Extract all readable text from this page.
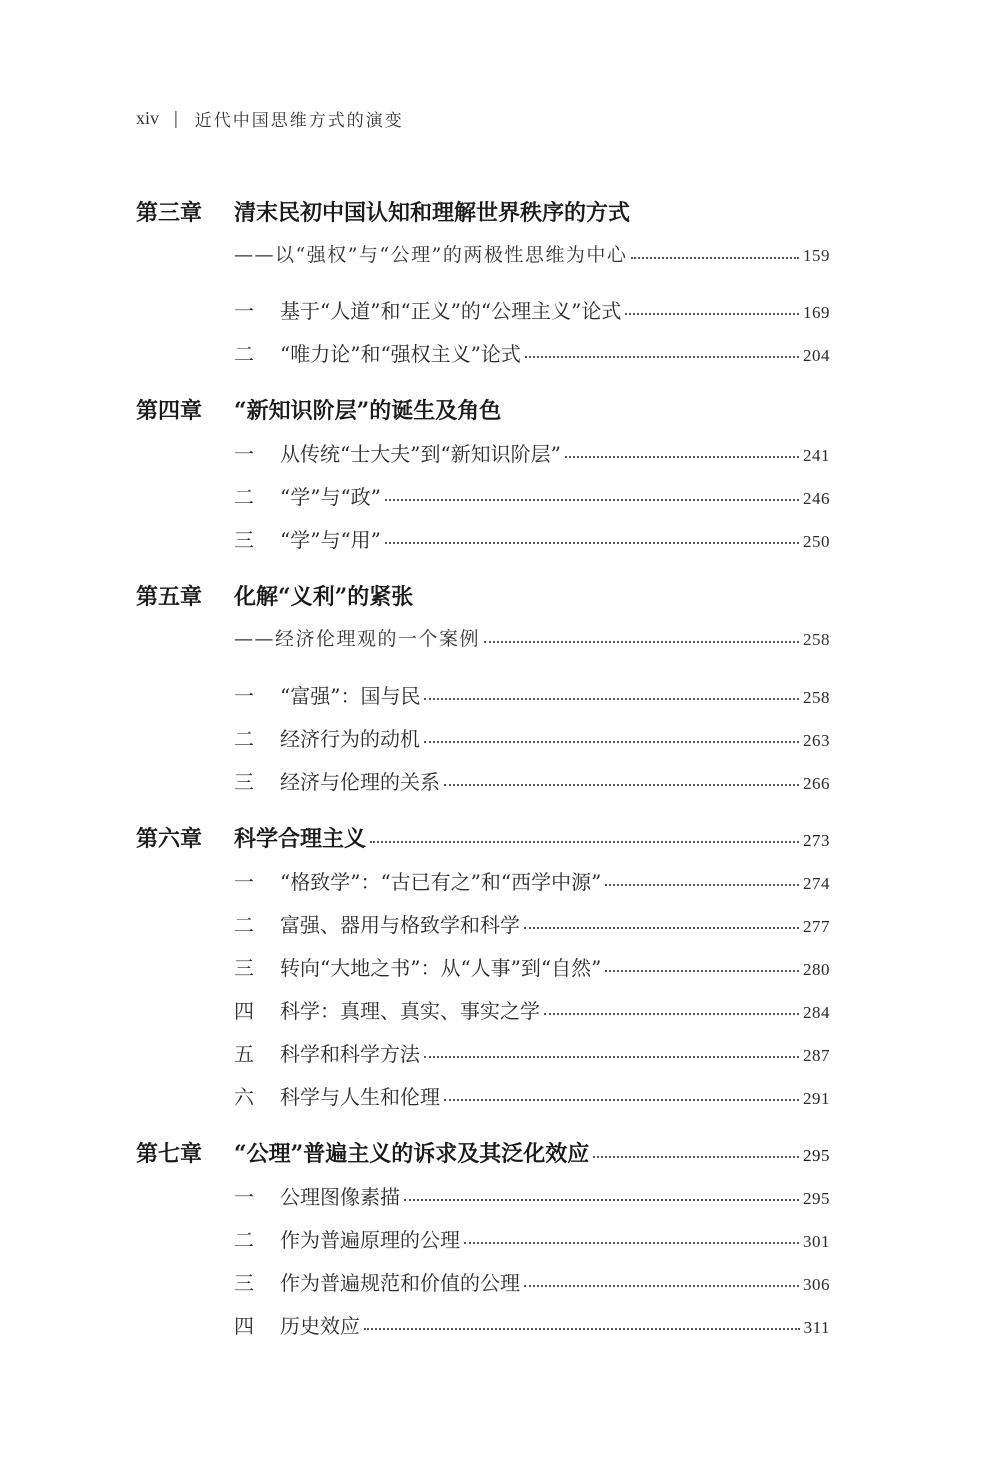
xiv | 近代中国思维方式的演变
第三章	清末民初中国认知和理解世界秩序的方式
——以“强权”与“公理”的两极性思维为中心	159
一	基于“人道”和“正义”的“公理主义”论式	169
二	“唯力论”和“强权主义”论式	204
第四章	“新知识阶层”的诞生及角色
一	从传统“士大夫”到“新知识阶层”	241
二	“学”与“政”	246
三	“学”与“用”	250
第五章	化解“义利”的紧张
——经济伦理观的一个案例	258
一	“富强”：国与民	258
二	经济行为的动机	263
三	经济与伦理的关系	266
第六章	科学合理主义	273
一	“格致学”：“古已有之”和“西学中源”	274
二	富强、器用与格致学和科学	277
三	转向“大地之书”：从“人事”到“自然”	280
四	科学：真理、真实、事实之学	284
五	科学和科学方法	287
六	科学与人生和伦理	291
第七章	“公理”普遍主义的诉求及其泛化效应	295
一	公理图像素描	295
二	作为普遍原理的公理	301
三	作为普遍规范和价值的公理	306
四	历史效应	311
